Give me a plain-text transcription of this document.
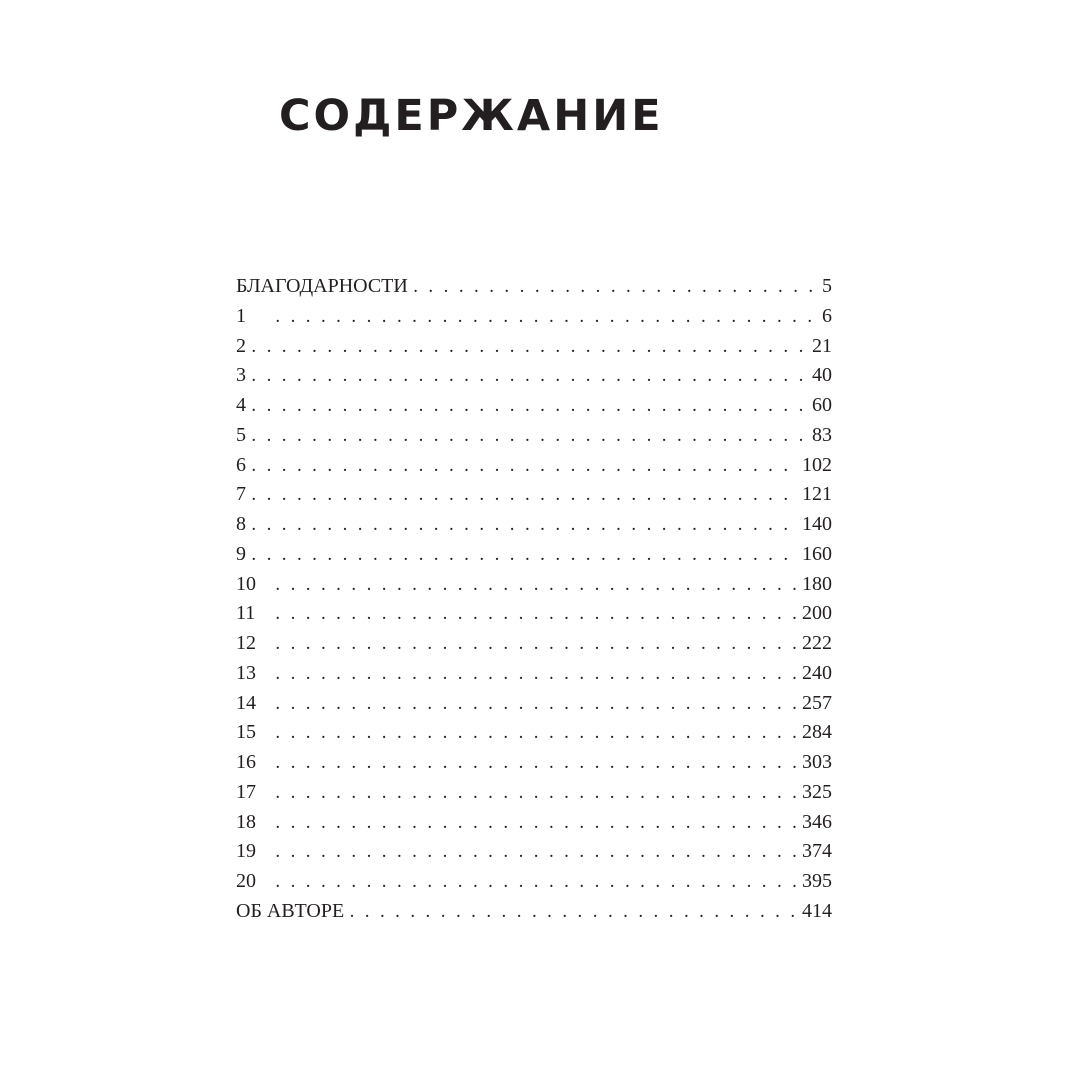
СОДЕРЖАНИЕ
БЛАГОДАРНОСТИ . . .	5
1 . . .	6
2 . . .	21
3 . . .	40
4 . . .	60
5 . . .	83
6 . . .	102
7 . . .	121
8 . . .	140
9 . . .	160
10 . . .	180
11 . . .	200
12 . . .	222
13 . . .	240
14 . . .	257
15 . . .	284
16 . . .	303
17 . . .	325
18 . . .	346
19 . . .	374
20 . . .	395
ОБ АВТОРЕ . . .	414
